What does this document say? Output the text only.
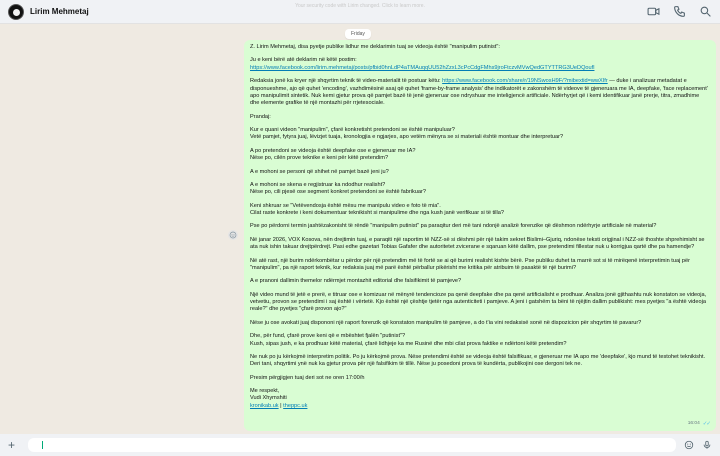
Lirim Mehmetaj
Your security code with Lirim changed. Click to learn more.
Friday

Z. Lirim Mehmetaj, disa pyetje publike lidhur me deklarimin tuaj se videoja është "manipulim putinist":

Ju e keni bërë atë deklarim në këtë postim:
https://www.facebook.com/lirim.mehmetaj/posts/pfbid0hnLdP4aTMAuqqUU52hZzxL3cPcCdgFMhs9jroFtczvMVwQedGTYTTRG3UeDQoufl

Redaksia jonë ka kryer një shqyrtim teknik të video-materialit të postuar këtu: https://www.facebook.com/share/r/19NSwosH9F/?mibextid=wwXIfr — duke i analizuar metadatat e disponueshme, ajo që quhet 'encoding', vazhdimësinë asaj që quhet 'frame-by-frame analysis' dhe indikatorët e zakonshëm të videove të gjeneruara me IA, deepfake, 'face replacement' apo manipulimit sintetik. Nuk kemi gjetur prova që pamjet bazë të jenë gjeneruar ose ndryshuar me inteligjencë artificiale. Ndërhyrjet që i kemi identifikuar janë prerje, titra, zmadhime dhe elemente grafike të një montazhi për rrjetesociale.

Prandaj:

Kur e quani videon "manipulim", çfarë konkretisht pretendoni se është manipuluar?
Vetë pamjet, fytyra juaj, lëvizjet tuaja, kronologjia e ngjarjes, apo vetëm mënyra se si materiali është montuar dhe interpretuar?

A po pretendoni se videoja është deepfake ose e gjeneruar me IA?
Nëse po, cilën prove teknike e keni për këtë pretendim?

A e mohoni se personi që shihet në pamjet bazë jeni ju?

A e mohoni se skena e regjistruar ka ndodhur realisht?
Nëse po, cili pjesë ose segment konkret pretendoni se është fabrikuar?

Keni shkruar se "Vetëvendosja është mësu me manipulu video e foto të mia".
Cilat raste konkrete i keni dokumentuar teknikisht si manipulime dhe nga kush janë verifikuar si të tilla?

Pse po përdorni termin jashtëzakonisht të rëndë "manipulim putinist" pa paraqitur deri më tani ndonjë analizë forenzike që dëshmon ndërhyrje artificiale në material?

Në janar 2026, VOX Kosova, nën drejtimin tuaj, e paraqiti një raportim të NZZ-së si dëshmi për një takim sekret Bislimi–Gjuriq, ndonëse teksti origjinal i NZZ-së thoshte shprehimisht se ata nuk ishin takuar drejtpërdrejt. Pasi edhe gazetari Tobias Gafafer dhe autoritetet zvicerane e sqaruan këtë dallim, pse pretendimi fillestar nuk u korrigjua qartë dhe pa hamendje?

Në atë rast, një burim ndërkombëtar u përdor për një pretendim më të fortë se ai që burimi realisht kishte bërë. Pse publiku duhet ta marrë sot si të mirëqenë interpretimin tuaj për "manipulim", pa një raport teknik, kur redaksia juaj më parë është përballur pikërisht me kritika për atribuim të pasaktë të një burimi?

A e pranoni dallimin themelor ndërmjet montazhit editorial dhe falsifikimit të pamjeve?

Një video mund të jetë e prerë, e titruar ose e komizuar në mënyrë tendencioze pa qenë deepfake dhe pa qenë artificialisht e prodhuar. Analiza jonë gjithashtu nuk konstaton se videoja, vetvetiu, provon se pretendimi i saj është i vërtetë. Kjo është një çështje tjetër nga autenticiteti i pamjeve. A jeni i gatshëm ta bëni të njëjtin dallim publikisht: mes pyetjes "a është videoja reale?" dhe pyetjes "çfarë provon ajo?"

Nëse ju ose avokati juaj dispononi një raport forenzik që konstaton manipulim të pamjeve, a do t'ia vini redaksisë sonë në dispozicion për shqyrtim të pavarur?

Dhe, për fund, çfarë prove keni që e mbështet fjalën "putinist"?
Kush, sipas jush, e ka prodhuar këtë material, çfarë lidhjeje ka me Rusinë dhe mbi cilat prova faktike e ndërtoni këtë pretendim?

Ne nuk po ju kërkojmë interpretim politik. Po ju kërkojmë prova. Nëse pretendimi është se videoja është falsifikuar, e gjeneruar me IA apo me 'deepfake', kjo mund të testohet teknikisht. Deri tani, shqyrtimi ynë nuk ka gjetur prova për një falsifikim të tillë. Nëse ju posedoni prova të kundërta, publikojini ose dergoni tek ne.

Presim përgjigjen tuaj deri sot ne oren 17:00/h

Me respekt,
Vudi Xhymshiti
kronikab.uk | theppc.uk

16:04 ✓✓
+
